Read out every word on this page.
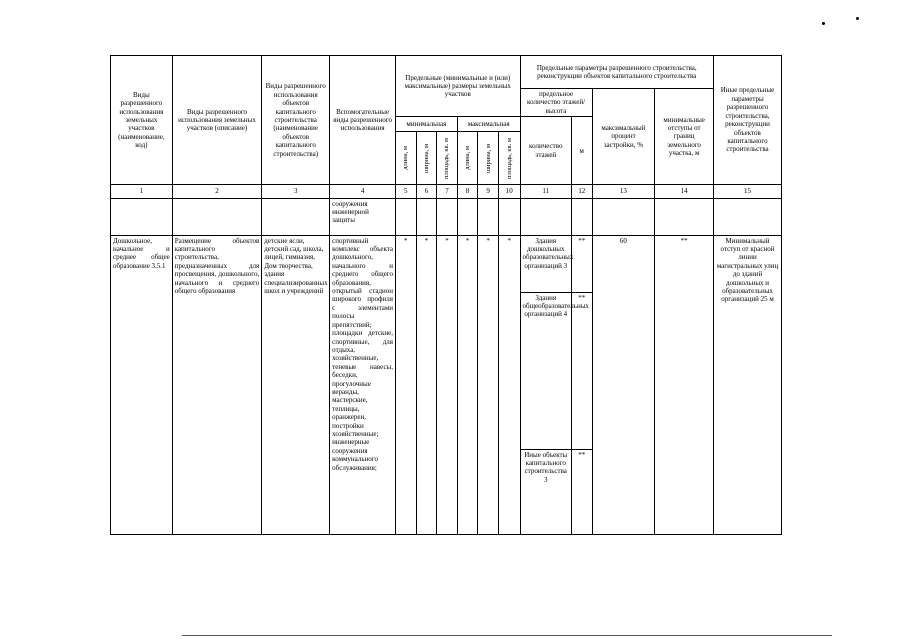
Виды разрешенного использования земельных участков (наименование, код)	Виды разрешенного использования земельных участков (описание)	Виды разрешенного использования объектов капитального строительства (наименование объектов капитального строительства)	Вспомогательные виды разрешенного использования	Предельные (минимальные и (или) максимальные) размеры земельных участков						Предельные параметры разрешенного строительства, реконструкции объектов капитального строительства				Иные предельные параметры разрешенного строительства, реконструкции объектов капитального строительства
										предельное количество этажей/высота		максимальный процент застройки, %	минимальные отступы от границ земельного участка, м	
				минимальная			максимальная			количество этажей	м			

				длина, м	ширина, м	площадь, кв. м	длина, м	ширина, м	площадь, кв. м					

1	2	3	4	5	6	7	8	9	10	11	12	13	14	15
			сооружения инженерной защиты											
Дошкольное, начальное и среднее общее образование 3.5.1	Размещение объектов капитального строительства, предназначенных для просвещения, дошкольного, начального и среднего общего образования	детские ясли, детский сад, школа, лицей, гимназия, Дом творчества, здания специализированных школ и учреждений	спортивный комплекс объекта дошкольного, начального и среднего общего образования, открытый стадион широкого профиля с элементами полосы препятствий; площадки детские, спортивные, для отдыха, хозяйственные, теневые навесы, беседки, прогулочные веранды, мастерские, теплицы, оранжереи, постройки хозяйственные; инженерные сооружения коммунального обслуживания;	*	*	*	*	*	*	Здания дошкольных образовательных организаций 3	**	60	**	Минимальный отступ от красной линии магистральных улиц до зданий дошкольных и образовательных организаций 25 м
										Здания общеобразовательных организаций 4	**			
										Иные объекты капитального строительства 3	**			
